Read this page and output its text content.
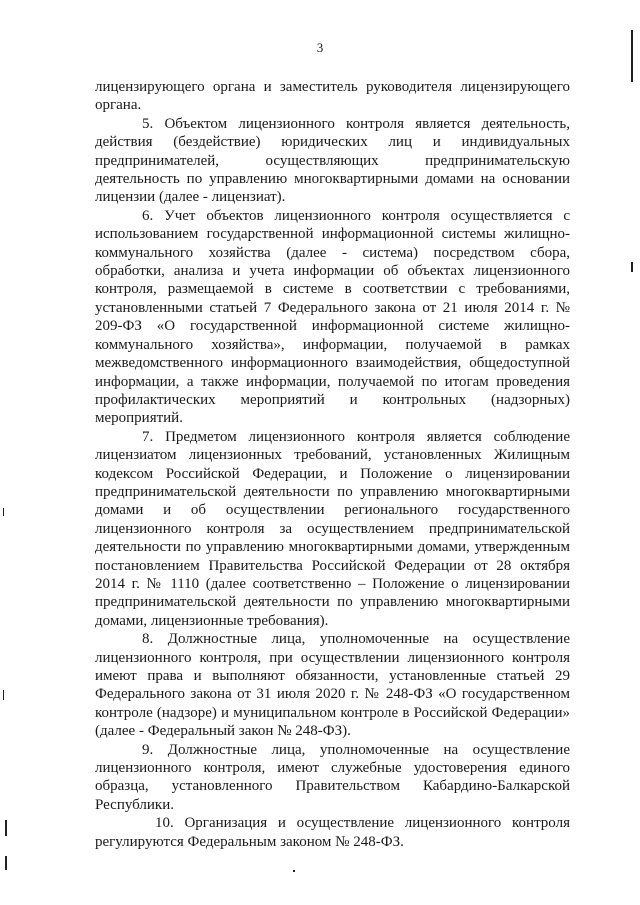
3

лицензирующего органа и заместитель руководителя лицензирующего органа.

5. Объектом лицензионного контроля является деятельность, действия (бездействие) юридических лиц и индивидуальных предпринимателей, осуществляющих предпринимательскую деятельность по управлению многоквартирными домами на основании лицензии (далее - лицензиат).

6. Учет объектов лицензионного контроля осуществляется с использованием государственной информационной системы жилищно-коммунального хозяйства (далее - система) посредством сбора, обработки, анализа и учета информации об объектах лицензионного контроля, размещаемой в системе в соответствии с требованиями, установленными статьей 7 Федерального закона от 21 июля 2014 г. № 209-ФЗ «О государственной информационной системе жилищно-коммунального хозяйства», информации, получаемой в рамках межведомственного информационного взаимодействия, общедоступной информации, а также информации, получаемой по итогам проведения профилактических мероприятий и контрольных (надзорных) мероприятий.

7. Предметом лицензионного контроля является соблюдение лицензиатом лицензионных требований, установленных Жилищным кодексом Российской Федерации, и Положение о лицензировании предпринимательской деятельности по управлению многоквартирными домами и об осуществлении регионального государственного лицензионного контроля за осуществлением предпринимательской деятельности по управлению многоквартирными домами, утвержденным постановлением Правительства Российской Федерации от 28 октября 2014 г. № 1110 (далее соответственно – Положение о лицензировании предпринимательской деятельности по управлению многоквартирными домами, лицензионные требования).

8. Должностные лица, уполномоченные на осуществление лицензионного контроля, при осуществлении лицензионного контроля имеют права и выполняют обязанности, установленные статьей 29 Федерального закона от 31 июля 2020 г. № 248-ФЗ «О государственном контроле (надзоре) и муниципальном контроле в Российской Федерации» (далее - Федеральный закон № 248-ФЗ).

9. Должностные лица, уполномоченные на осуществление лицензионного контроля, имеют служебные удостоверения единого образца, установленного Правительством Кабардино-Балкарской Республики.

10. Организация и осуществление лицензионного контроля регулируются Федеральным законом № 248-ФЗ.
